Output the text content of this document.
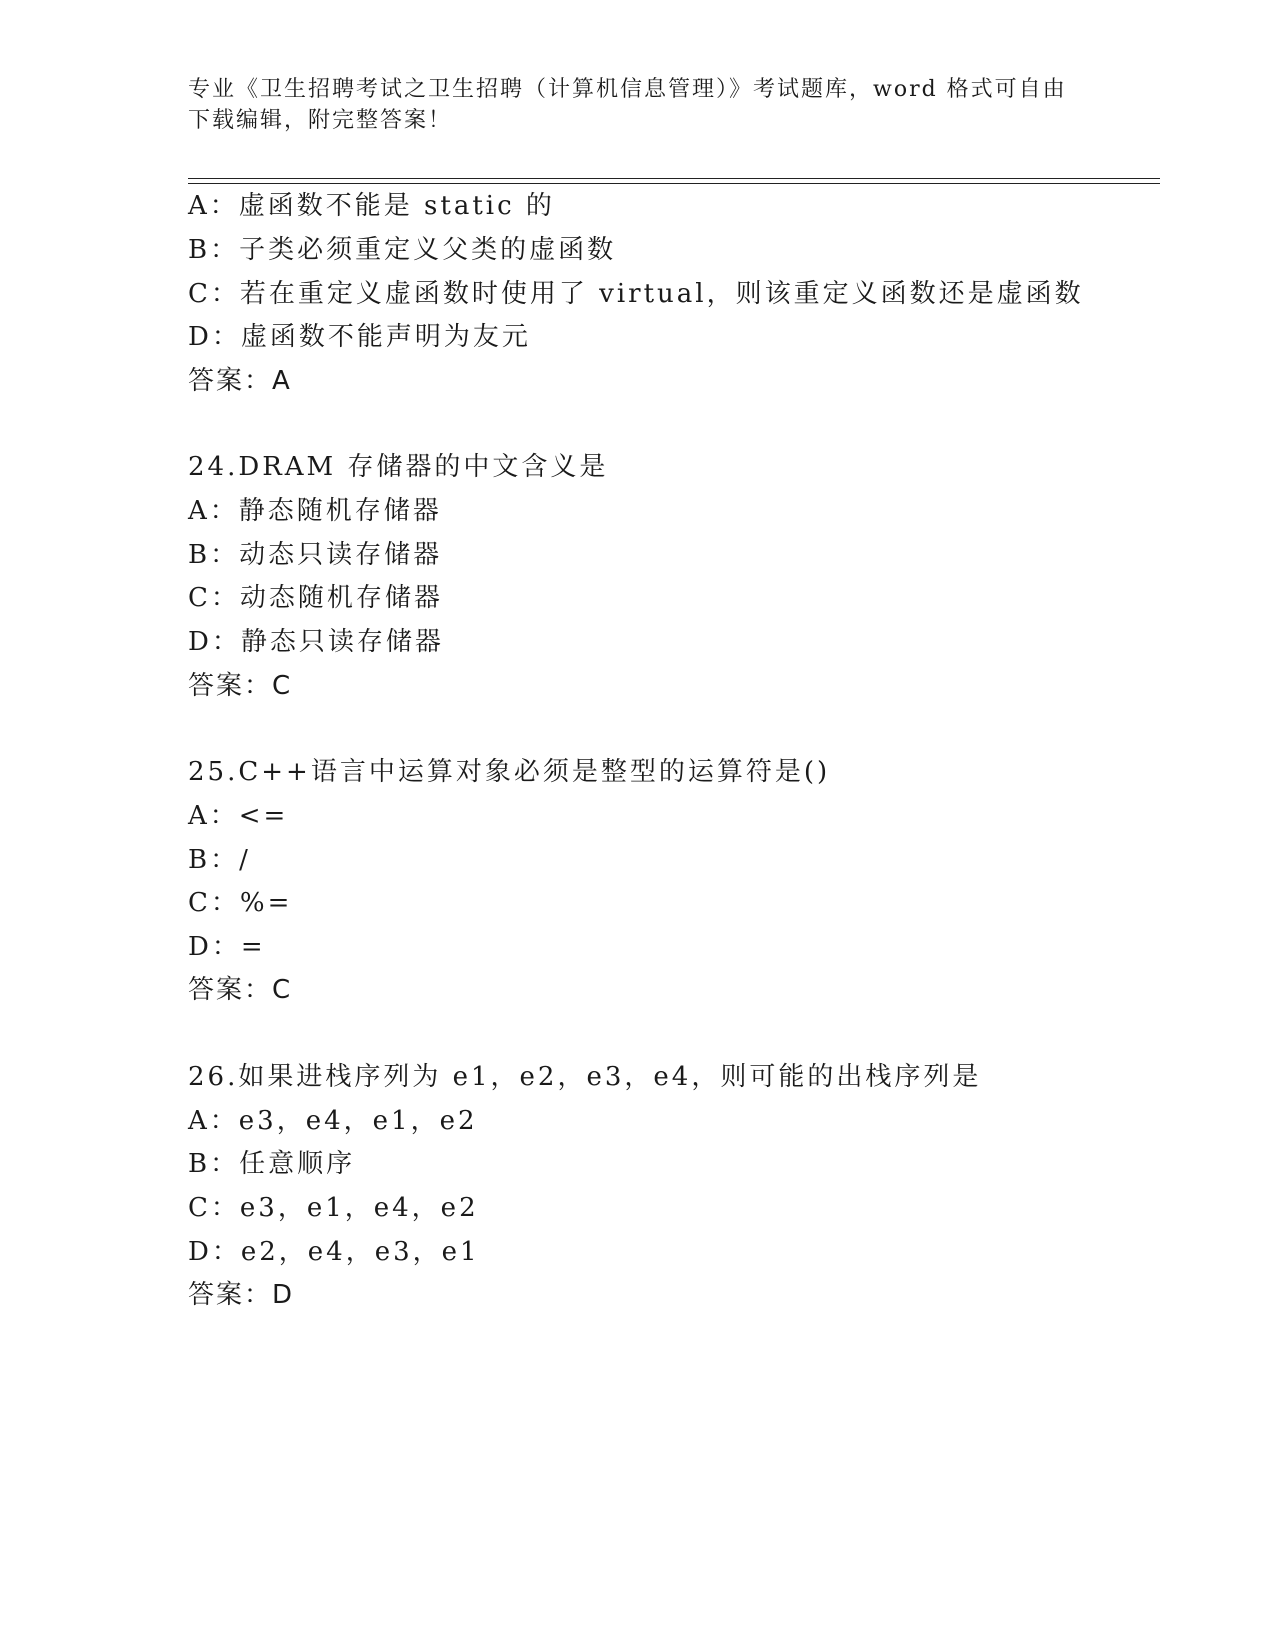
专业《卫生招聘考试之卫生招聘（计算机信息管理）》考试题库，word 格式可自由下载编辑，附完整答案！
A：虚函数不能是 static 的
B：子类必须重定义父类的虚函数
C：若在重定义虚函数时使用了 virtual，则该重定义函数还是虚函数
D：虚函数不能声明为友元
答案：A
24.DRAM 存储器的中文含义是
A：静态随机存储器
B：动态只读存储器
C：动态随机存储器
D：静态只读存储器
答案：C
25.C++语言中运算对象必须是整型的运算符是()
A：<=
B：/
C：%=
D：=
答案：C
26.如果进栈序列为 e1，e2，e3，e4，则可能的出栈序列是
A：e3，e4，e1，e2
B：任意顺序
C：e3，e1，e4，e2
D：e2，e4，e3，e1
答案：D
